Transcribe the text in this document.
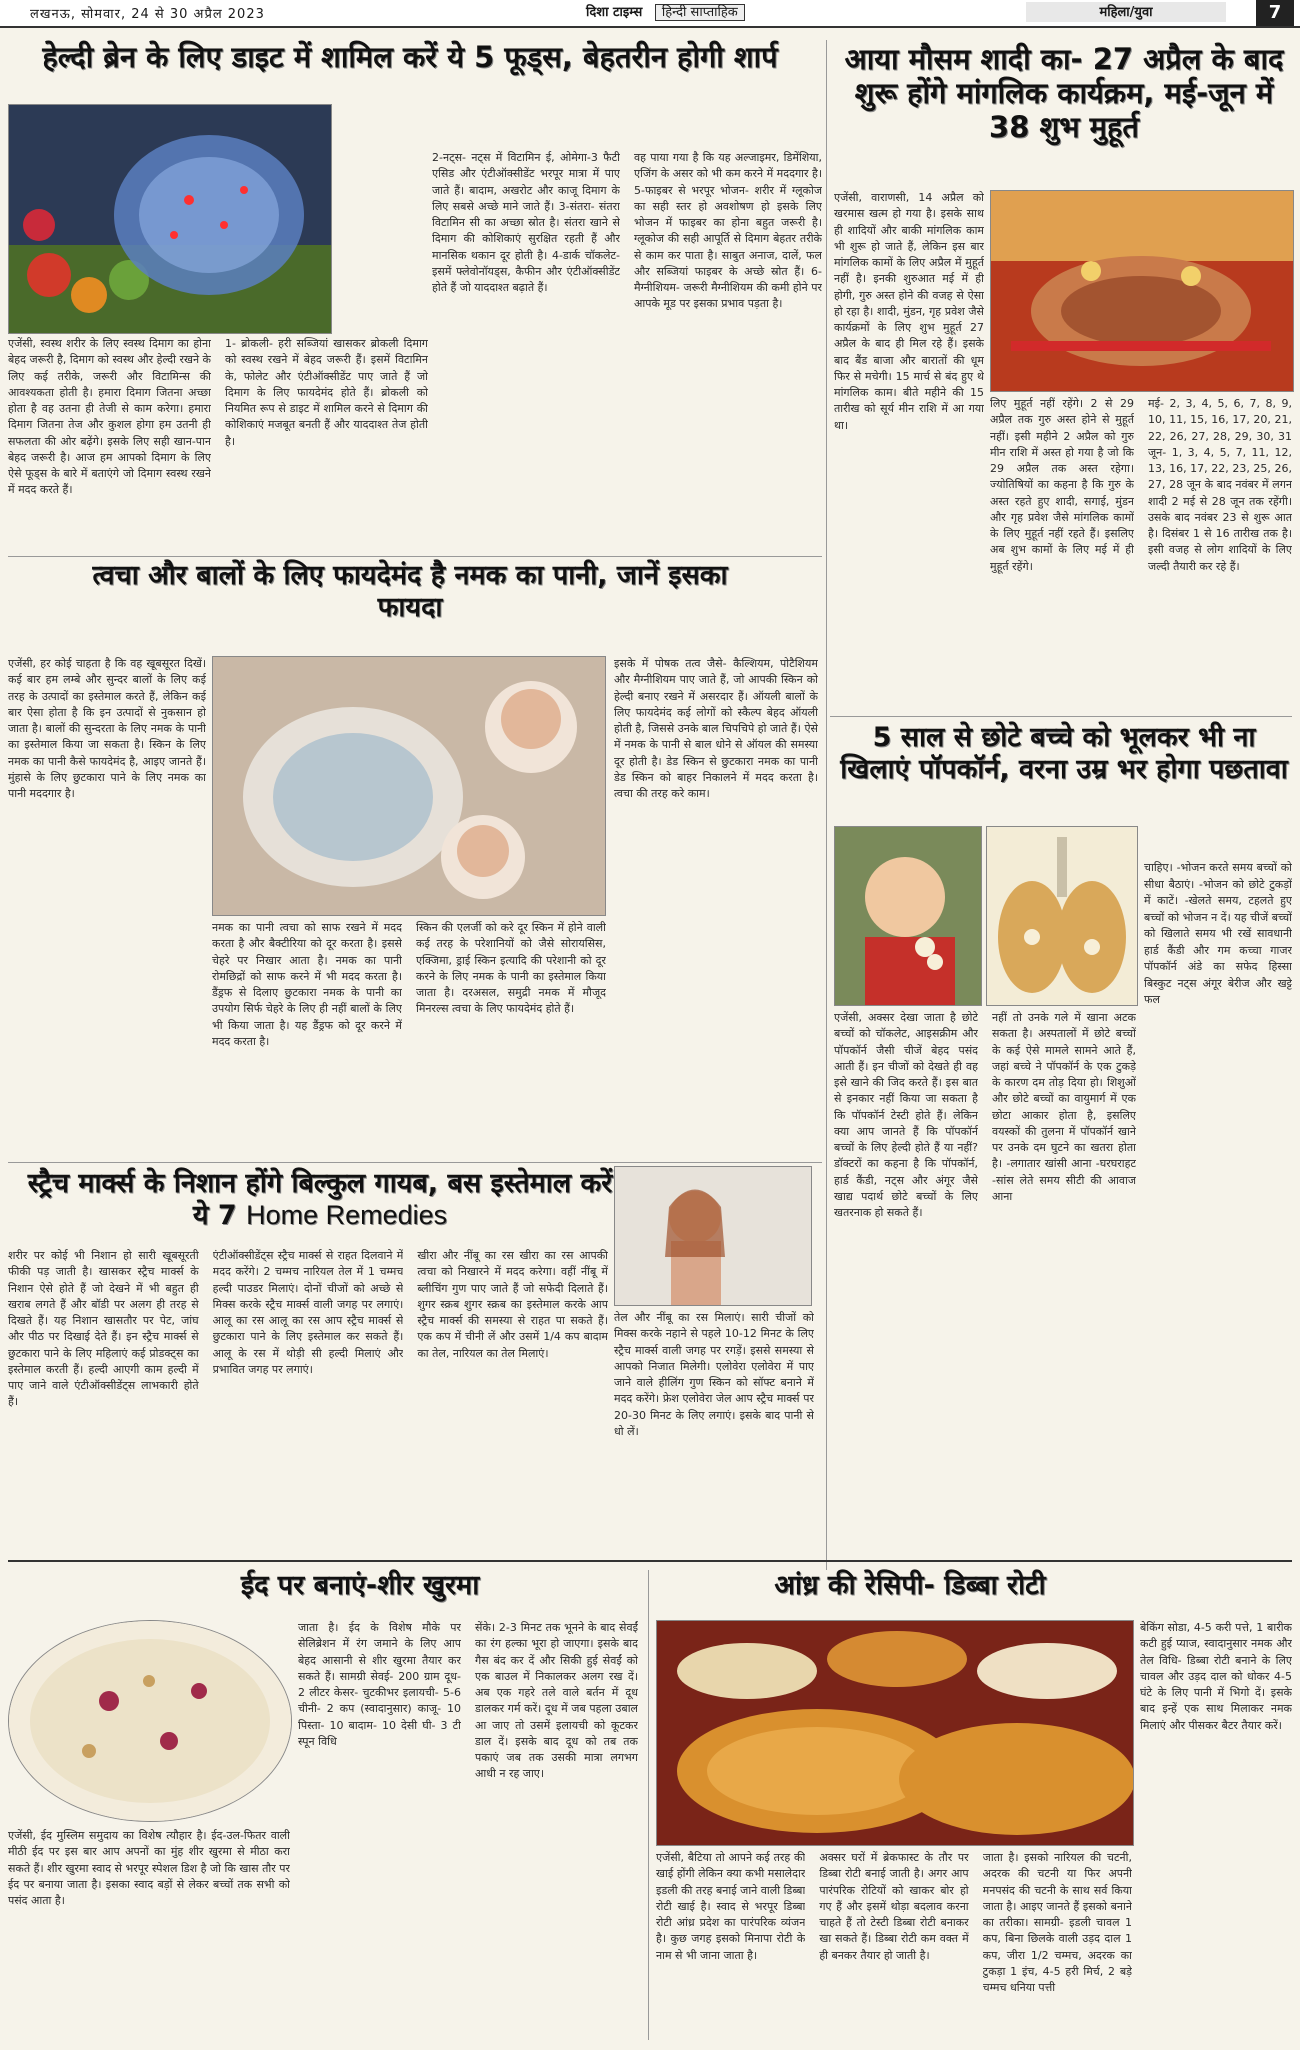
लखनऊ, सोमवार, 24 से 30 अप्रैल 2023	दिशा टाइम्स हिन्दी साप्ताहिक	महिला/युवा	7
हेल्दी ब्रेन के लिए डाइट में शामिल करें ये 5 फूड्स, बेहतरीन होगी शार्प
एजेंसी, स्वस्थ शरीर के लिए स्वस्थ दिमाग का होना बेहद जरूरी है, दिमाग को स्वस्थ और हेल्दी रखने के लिए कई तरीके, जरूरी और विटामिन्स की आवश्यकता होती है। हमारा दिमाग जितना अच्छा होता है वह उतना ही तेजी से काम करेगा। हमारा दिमाग जितना तेज और कुशल होगा हम उतनी ही सफलता की ओर बढ़ेंगे। इसके लिए सही खान-पान बेहद जरूरी है। आज हम आपको दिमाग के लिए ऐसे फूड्स के बारे में बताएंगे जो दिमाग स्वस्थ रखने में मदद करते हैं।
1- ब्रोकली- हरी सब्जियां खासकर ब्रोकली दिमाग को स्वस्थ रखने में बेहद जरूरी हैं। इसमें विटामिन के, फोलेट और एंटीऑक्सीडेंट पाए जाते हैं जो दिमाग के लिए फायदेमंद होते हैं। ब्रोकली को नियमित रूप से डाइट में शामिल करने से दिमाग की कोशिकाएं मजबूत बनती हैं और याददाश्त तेज होती है।
2-नट्स- नट्स में विटामिन ई, ओमेगा-3 फैटी एसिड और एंटीऑक्सीडेंट भरपूर मात्रा में पाए जाते हैं। बादाम, अखरोट और काजू दिमाग के लिए सबसे अच्छे माने जाते हैं। 3-संतरा- संतरा विटामिन सी का अच्छा स्रोत है। संतरा खाने से दिमाग की कोशिकाएं सुरक्षित रहती हैं और मानसिक थकान दूर होती है। 4-डार्क चॉकलेट- इसमें फ्लेवोनॉयड्स, कैफीन और एंटीऑक्सीडेंट होते हैं जो याददाश्त बढ़ाते हैं।
वह पाया गया है कि यह अल्जाइमर, डिमेंशिया, एजिंग के असर को भी कम करने में मददगार है। 5-फाइबर से भरपूर भोजन- शरीर में ग्लूकोज का सही स्तर हो अवशोषण हो इसके लिए भोजन में फाइबर का होना बहुत जरूरी है। ग्लूकोज की सही आपूर्ति से दिमाग बेहतर तरीके से काम कर पाता है। साबुत अनाज, दालें, फल और सब्जियां फाइबर के अच्छे स्रोत हैं। 6-मैग्नीशियम- जरूरी मैग्नीशियम की कमी होने पर आपके मूड पर इसका प्रभाव पड़ता है।
आया मौसम शादी का- 27 अप्रैल के बाद शुरू होंगे मांगलिक कार्यक्रम, मई-जून में 38 शुभ मुहूर्त
एजेंसी, वाराणसी, 14 अप्रैल को खरमास खत्म हो गया है। इसके साथ ही शादियों और बाकी मांगलिक काम भी शुरू हो जाते हैं, लेकिन इस बार मांगलिक कामों के लिए अप्रैल में मुहूर्त नहीं है। इनकी शुरुआत मई में ही होगी, गुरु अस्त होने की वजह से ऐसा हो रहा है। शादी, मुंडन, गृह प्रवेश जैसे कार्यक्रमों के लिए शुभ मुहूर्त 27 अप्रैल के बाद ही मिल रहे हैं। इसके बाद बैंड बाजा और बारातों की धूम फिर से मचेगी। 15 मार्च से बंद हुए थे मांगलिक काम। बीते महीने की 15 तारीख को सूर्य मीन राशि में आ गया था।
लिए मुहूर्त नहीं रहेंगे। 2 से 29 अप्रैल तक गुरु अस्त होने से मुहूर्त नहीं। इसी महीने 2 अप्रैल को गुरु मीन राशि में अस्त हो गया है जो कि 29 अप्रैल तक अस्त रहेगा। ज्योतिषियों का कहना है कि गुरु के अस्त रहते हुए शादी, सगाई, मुंडन और गृह प्रवेश जैसे मांगलिक कामों के लिए मुहूर्त नहीं रहते हैं। इसलिए अब शुभ कामों के लिए मई में ही मुहूर्त रहेंगे।
मई- 2, 3, 4, 5, 6, 7, 8, 9, 10, 11, 15, 16, 17, 20, 21, 22, 26, 27, 28, 29, 30, 31 जून- 1, 3, 4, 5, 7, 11, 12, 13, 16, 17, 22, 23, 25, 26, 27, 28 जून के बाद नवंबर में लगन शादी 2 मई से 28 जून तक रहेंगी। उसके बाद नवंबर 23 से शुरू आत है। दिसंबर 1 से 16 तारीख तक है। इसी वजह से लोग शादियों के लिए जल्दी तैयारी कर रहे हैं।
त्वचा और बालों के लिए फायदेमंद है नमक का पानी, जानें इसका फायदा
एजेंसी, हर कोई चाहता है कि वह खूबसूरत दिखें। कई बार हम लम्बे और सुन्दर बालों के लिए कई तरह के उत्पादों का इस्तेमाल करते हैं, लेकिन कई बार ऐसा होता है कि इन उत्पादों से नुकसान हो जाता है। बालों की सुन्दरता के लिए नमक के पानी का इस्तेमाल किया जा सकता है। स्किन के लिए नमक का पानी कैसे फायदेमंद है, आइए जानते हैं। मुंहासे के लिए छुटकारा पाने के लिए नमक का पानी मददगार है।
नमक का पानी त्वचा को साफ रखने में मदद करता है और बैक्टीरिया को दूर करता है। इससे चेहरे पर निखार आता है। नमक का पानी रोमछिद्रों को साफ करने में भी मदद करता है। डैंड्रफ से दिलाए छुटकारा नमक के पानी का उपयोग सिर्फ चेहरे के लिए ही नहीं बालों के लिए भी किया जाता है। यह डैंड्रफ को दूर करने में मदद करता है।
स्किन की एलर्जी को करे दूर स्किन में होने वाली कई तरह के परेशानियों को जैसे सोरायसिस, एक्जिमा, ड्राई स्किन इत्यादि की परेशानी को दूर करने के लिए नमक के पानी का इस्तेमाल किया जाता है। दरअसल, समुद्री नमक में मौजूद मिनरल्स त्वचा के लिए फायदेमंद होते हैं।
इसके में पोषक तत्व जैसे- कैल्शियम, पोटैशियम और मैग्नीशियम पाए जाते हैं, जो आपकी स्किन को हेल्दी बनाए रखने में असरदार हैं। ऑयली बालों के लिए फायदेमंद कई लोगों को स्कैल्प बेहद ऑयली होती है, जिससे उनके बाल चिपचिपे हो जाते हैं। ऐसे में नमक के पानी से बाल धोने से ऑयल की समस्या दूर होती है। डेड स्किन से छुटकारा नमक का पानी डेड स्किन को बाहर निकालने में मदद करता है। त्वचा की तरह करे काम।
5 साल से छोटे बच्चे को भूलकर भी ना खिलाएं पॉपकॉर्न, वरना उम्र भर होगा पछतावा
एजेंसी, अक्सर देखा जाता है छोटे बच्चों को चॉकलेट, आइसक्रीम और पॉपकॉर्न जैसी चीजें बेहद पसंद आती हैं। इन चीजों को देखते ही वह इसे खाने की जिद करते हैं। इस बात से इनकार नहीं किया जा सकता है कि पॉपकॉर्न टेस्टी होते हैं। लेकिन क्या आप जानते हैं कि पॉपकॉर्न बच्चों के लिए हेल्दी होते हैं या नहीं? डॉक्टरों का कहना है कि पॉपकॉर्न, हार्ड कैंडी, नट्स और अंगूर जैसे खाद्य पदार्थ छोटे बच्चों के लिए खतरनाक हो सकते हैं।
नहीं तो उनके गले में खाना अटक सकता है। अस्पतालों में छोटे बच्चों के कई ऐसे मामले सामने आते हैं, जहां बच्चे ने पॉपकॉर्न के एक टुकड़े के कारण दम तोड़ दिया हो। शिशुओं और छोटे बच्चों का वायुमार्ग में एक छोटा आकार होता है, इसलिए वयस्कों की तुलना में पॉपकॉर्न खाने पर उनके दम घुटने का खतरा होता है। -लगातार खांसी आना -घरघराहट -सांस लेते समय सीटी की आवाज आना
चाहिए। -भोजन करते समय बच्चों को सीधा बैठाएं। -भोजन को छोटे टुकड़ों में काटें। -खेलते समय, टहलते हुए बच्चों को भोजन न दें। यह चीजें बच्चों को खिलाते समय भी रखें सावधानी हार्ड कैंडी और गम कच्चा गाजर पॉपकॉर्न अंडे का सफेद हिस्सा बिस्कुट नट्स अंगूर बेरीज और खट्टे फल
स्ट्रैच मार्क्स के निशान होंगे बिल्कुल गायब, बस इस्तेमाल करें ये 7 Home Remedies
शरीर पर कोई भी निशान हो सारी खूबसूरती फीकी पड़ जाती है। खासकर स्ट्रैच मार्क्स के निशान ऐसे होते हैं जो देखने में भी बहुत ही खराब लगते हैं और बॉडी पर अलग ही तरह से दिखते हैं। यह निशान खासतौर पर पेट, जांघ और पीठ पर दिखाई देते हैं। इन स्ट्रैच मार्क्स से छुटकारा पाने के लिए महिलाएं कई प्रोडक्ट्स का इस्तेमाल करती हैं। हल्दी आएगी काम हल्दी में पाए जाने वाले एंटीऑक्सीडेंट्स लाभकारी होते हैं।
एंटीऑक्सीडेंट्स स्ट्रैच मार्क्स से राहत दिलवाने में मदद करेंगे। 2 चम्मच नारियल तेल में 1 चम्मच हल्दी पाउडर मिलाएं। दोनों चीजों को अच्छे से मिक्स करके स्ट्रैच मार्क्स वाली जगह पर लगाएं। आलू का रस आलू का रस आप स्ट्रैच मार्क्स से छुटकारा पाने के लिए इस्तेमाल कर सकते हैं। आलू के रस में थोड़ी सी हल्दी मिलाएं और प्रभावित जगह पर लगाएं।
खीरा और नींबू का रस खीरा का रस आपकी त्वचा को निखारने में मदद करेगा। वहीं नींबू में ब्लीचिंग गुण पाए जाते हैं जो सफेदी दिलाते हैं। शुगर स्क्रब शुगर स्क्रब का इस्तेमाल करके आप स्ट्रैच मार्क्स की समस्या से राहत पा सकते हैं। एक कप में चीनी लें और उसमें 1/4 कप बादाम का तेल, नारियल का तेल मिलाएं।
तेल और नींबू का रस मिलाएं। सारी चीजों को मिक्स करके नहाने से पहले 10-12 मिनट के लिए स्ट्रैच मार्क्स वाली जगह पर रगड़ें। इससे समस्या से आपको निजात मिलेगी। एलोवेरा एलोवेरा में पाए जाने वाले हीलिंग गुण स्किन को सॉफ्ट बनाने में मदद करेंगे। फ्रेश एलोवेरा जेल आप स्ट्रैच मार्क्स पर 20-30 मिनट के लिए लगाएं। इसके बाद पानी से धो लें।
ईद पर बनाएं-शीर खुरमा
एजेंसी, ईद मुस्लिम समुदाय का विशेष त्यौहार है। ईद-उल-फितर वाली मीठी ईद पर इस बार आप अपनों का मुंह शीर खुरमा से मीठा करा सकते हैं। शीर खुरमा स्वाद से भरपूर स्पेशल डिश है जो कि खास तौर पर ईद पर बनाया जाता है। इसका स्वाद बड़ों से लेकर बच्चों तक सभी को पसंद आता है।
जाता है। ईद के विशेष मौके पर सेलिब्रेशन में रंग जमाने के लिए आप बेहद आसानी से शीर खुरमा तैयार कर सकते हैं। सामग्री सेवई- 200 ग्राम दूध- 2 लीटर केसर- चुटकीभर इलायची- 5-6 चीनी- 2 कप (स्वादानुसार) काजू- 10 पिस्ता- 10 बादाम- 10 देसी घी- 3 टी स्पून विधि
सेंके। 2-3 मिनट तक भूनने के बाद सेवईं का रंग हल्का भूरा हो जाएगा। इसके बाद गैस बंद कर दें और सिकी हुई सेवईं को एक बाउल में निकालकर अलग रख दें। अब एक गहरे तले वाले बर्तन में दूध डालकर गर्म करें। दूध में जब पहला उबाल आ जाए तो उसमें इलायची को कूटकर डाल दें। इसके बाद दूध को तब तक पकाएं जब तक उसकी मात्रा लगभग आधी न रह जाए।
आंध्र की रेसिपी- डिब्बा रोटी
एजेंसी, बैटिया तो आपने कई तरह की खाई होंगी लेकिन क्या कभी मसालेदार इडली की तरह बनाई जाने वाली डिब्बा रोटी खाई है। स्वाद से भरपूर डिब्बा रोटी आंध्र प्रदेश का पारंपरिक व्यंजन है। कुछ जगह इसको मिनापा रोटी के नाम से भी जाना जाता है।
अक्सर घरों में ब्रेकफास्ट के तौर पर डिब्बा रोटी बनाई जाती है। अगर आप पारंपरिक रोटियों को खाकर बोर हो गए हैं और इसमें थोड़ा बदलाव करना चाहते हैं तो टेस्टी डिब्बा रोटी बनाकर खा सकते हैं। डिब्बा रोटी कम वक्त में ही बनकर तैयार हो जाती है।
जाता है। इसको नारियल की चटनी, अदरक की चटनी या फिर अपनी मनपसंद की चटनी के साथ सर्व किया जाता है। आइए जानते हैं इसको बनाने का तरीका। सामग्री- इडली चावल 1 कप, बिना छिलके वाली उड़द दाल 1 कप, जीरा 1/2 चम्मच, अदरक का टुकड़ा 1 इंच, 4-5 हरी मिर्च, 2 बड़े चम्मच धनिया पत्ती
बेकिंग सोडा, 4-5 करी पत्ते, 1 बारीक कटी हुई प्याज, स्वादानुसार नमक और तेल विधि- डिब्बा रोटी बनाने के लिए चावल और उड़द दाल को धोकर 4-5 घंटे के लिए पानी में भिगो दें। इसके बाद इन्हें एक साथ मिलाकर नमक मिलाएं और पीसकर बैटर तैयार करें।
